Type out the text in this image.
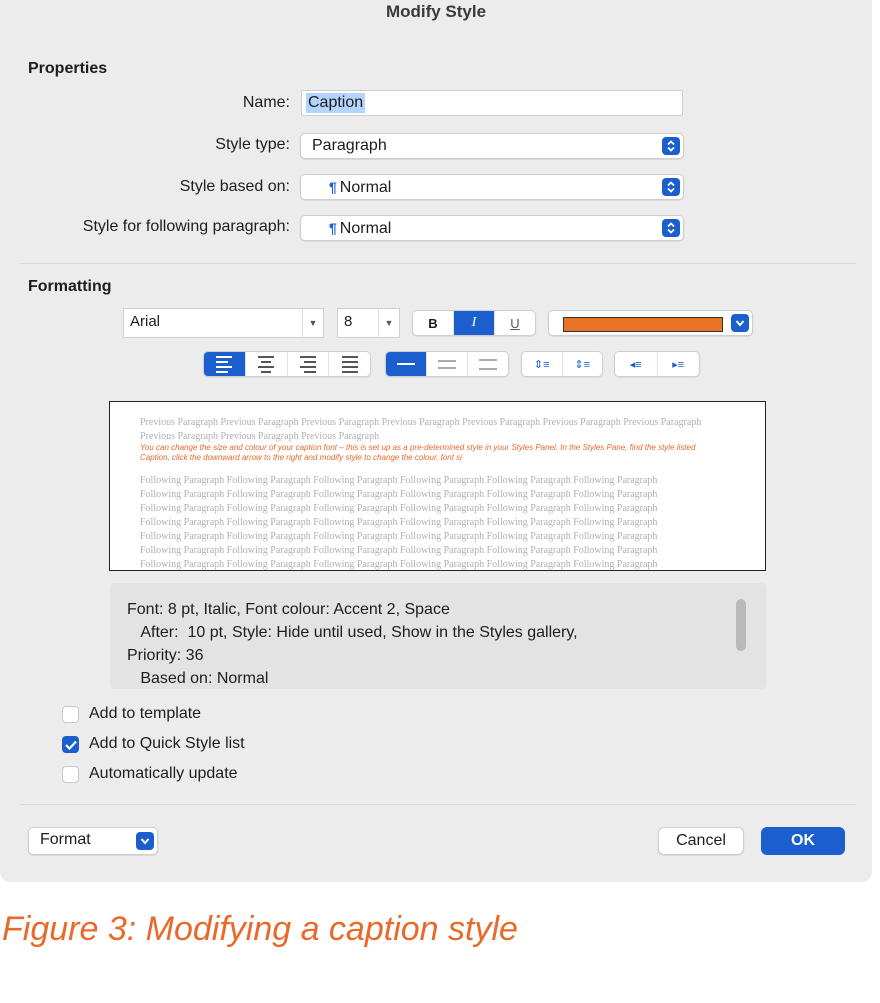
Modify Style
Properties
Name:	Caption
Style type: Paragraph
Style based on:	¶ Normal
Style for following paragraph:	¶ Normal
Formatting
Arial	▼	8	▼	B I	U
⇕≡ ⇕≡	◂≡	▸≡
Previous Paragraph Previous Paragraph Previous Paragraph Previous Paragraph Previous Paragraph Previous Paragraph Previous Paragraph Previous Paragraph Previous Paragraph Previous Paragraph
You can change the size and colour of your caption font – this is set up as a pre-determined style in your Styles Panel. In the Styles Pane, find the style listed Caption, click the downward arrow to the right and modify style to change the colour, font si
Following Paragraph Following Paragraph Following Paragraph Following Paragraph Following Paragraph Following Paragraph
Following Paragraph Following Paragraph Following Paragraph Following Paragraph Following Paragraph Following Paragraph
Following Paragraph Following Paragraph Following Paragraph Following Paragraph Following Paragraph Following Paragraph
Following Paragraph Following Paragraph Following Paragraph Following Paragraph Following Paragraph Following Paragraph
Following Paragraph Following Paragraph Following Paragraph Following Paragraph Following Paragraph Following Paragraph
Following Paragraph Following Paragraph Following Paragraph Following Paragraph Following Paragraph Following Paragraph
Following Paragraph Following Paragraph Following Paragraph Following Paragraph Following Paragraph Following Paragraph
Font: 8 pt, Italic, Font colour: Accent 2, Space
After:  10 pt, Style: Hide until used, Show in the Styles gallery,
Priority: 36
Based on: Normal
Add to template
Add to Quick Style list
Automatically update
Format	Cancel	OK
Figure 3: Modifying a caption style
